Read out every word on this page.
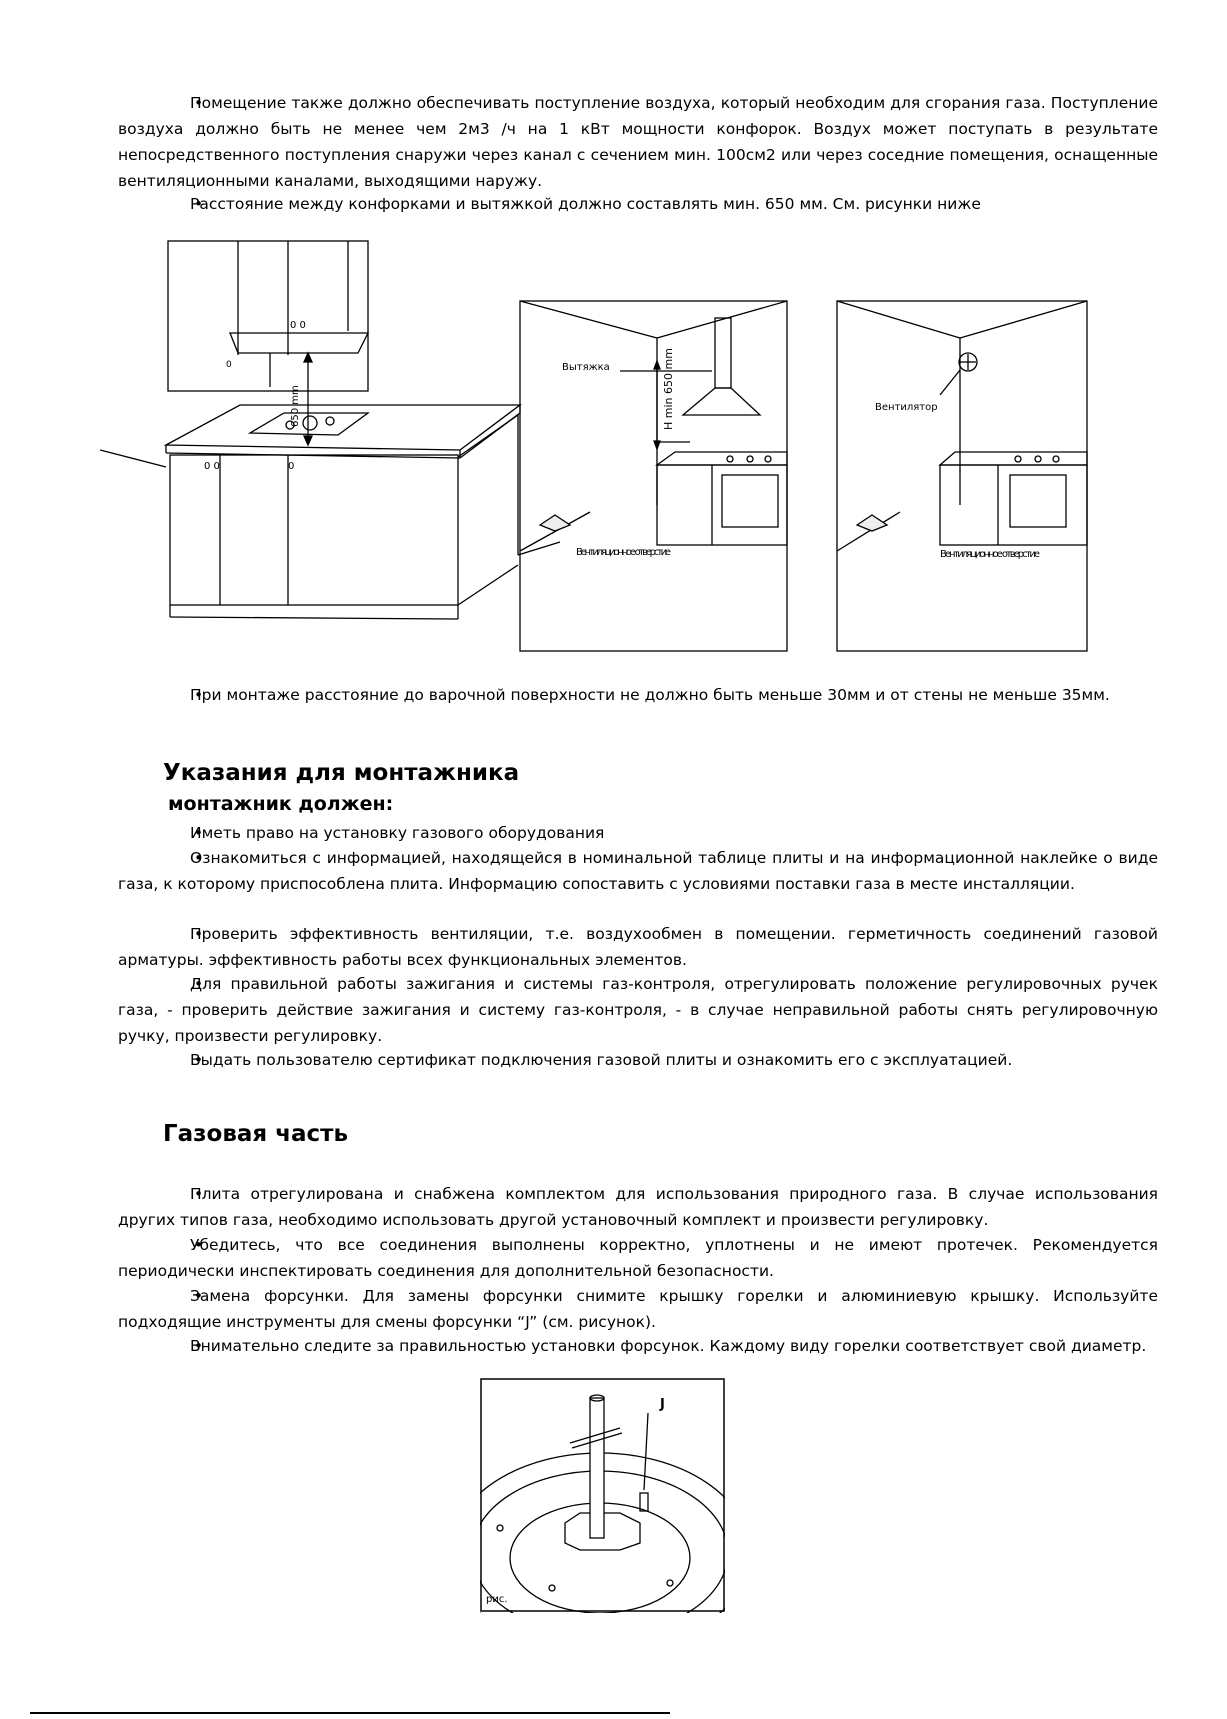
• Помещение также должно обеспечивать поступление воздуха, который необходим для сгорания газа. Поступление воздуха должно быть не менее чем 2м3 /ч на 1 кВт мощности конфорок. Воздух может поступать в результате непосредственного поступления снаружи через канал с сечением мин. 100см2 или через соседние помещения, оснащенные вентиляционными каналами, выходящими наружу.
• Расстояние между конфорками и вытяжкой должно составлять мин. 650 мм. См. рисунки ниже
0 0
0
650 mm
0 0	0
Вытяжка	H min 650 mm
Вентиляционное отверстие
Вентилятор
Вентиляционное отверстие
• При монтаже расстояние до варочной поверхности не должно быть меньше 30мм и от стены не меньше 35мм.
Указания для монтажника
монтажник должен:
• Иметь право на установку газового оборудования
• Ознакомиться с информацией, находящейся в номинальной таблице плиты и на информационной наклейке о виде газа, к которому приспособлена плита. Информацию сопоставить с условиями поставки газа в месте инсталляции.
• Проверить эффективность вентиляции, т.е. воздухообмен в помещении. герметичность соединений газовой арматуры. эффективность работы всех функциональных элементов.
• Для правильной работы зажигания и системы газ-контроля, отрегулировать положение регулировочных ручек газа, - проверить действие зажигания и систему газ-контроля, - в случае неправильной работы снять регулировочную ручку, произвести регулировку.
• Выдать пользователю сертификат подключения газовой плиты и ознакомить его с эксплуатацией.
Газовая часть
• Плита отрегулирована и снабжена комплектом для использования природного газа. В случае использования других типов газа, необходимо использовать другой установочный комплект и произвести регулировку.
• Убедитесь, что все соединения выполнены корректно, уплотнены и не имеют протечек. Рекомендуется периодически инспектировать соединения для дополнительной безопасности.
• Замена форсунки. Для замены форсунки снимите крышку горелки и алюминиевую крышку. Используйте подходящие инструменты для смены форсунки “J” (см. рисунок).
• Внимательно следите за правильностью установки форсунок. Каждому виду горелки соответствует свой диаметр.
J
рис.
